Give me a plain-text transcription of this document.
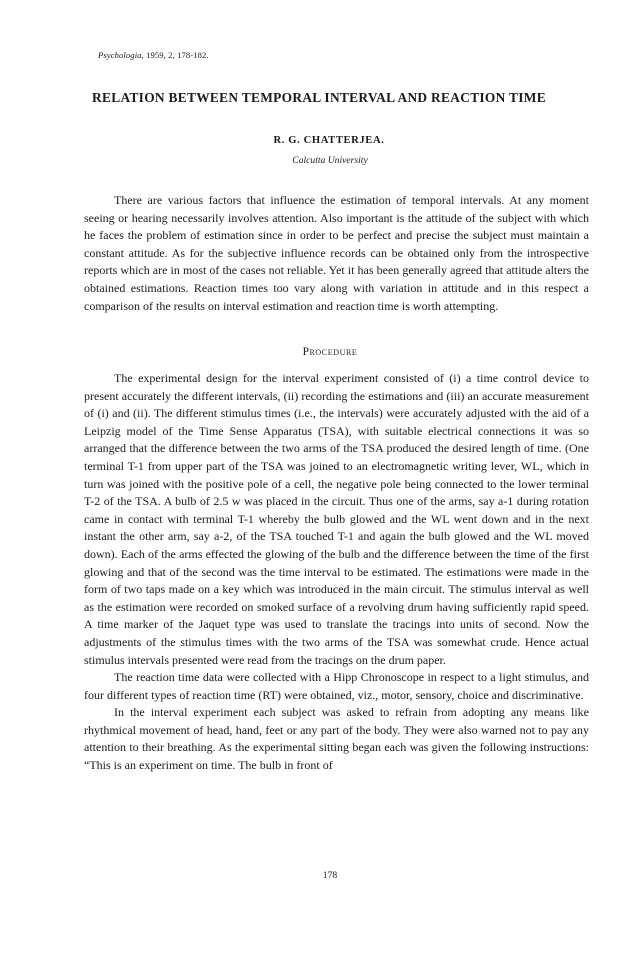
Psychologia, 1959, 2, 178-182.
RELATION BETWEEN TEMPORAL INTERVAL AND REACTION TIME
R. G. CHATTERJEA.
Calcutta University

There are various factors that influence the estimation of temporal intervals. At any moment seeing or hearing necessarily involves attention. Also important is the attitude of the subject with which he faces the problem of estimation since in order to be perfect and precise the subject must maintain a constant attitude. As for the subjective influence records can be obtained only from the introspective reports which are in most of the cases not reliable. Yet it has been generally agreed that attitude alters the obtained estimations. Reaction times too vary along with variation in attitude and in this respect a comparison of the results on interval estimation and reaction time is worth attempting.

Procedure

The experimental design for the interval experiment consisted of (i) a time control device to present accurately the different intervals, (ii) recording the estimations and (iii) an accurate measurement of (i) and (ii). The different stimulus times (i.e., the intervals) were accurately adjusted with the aid of a Leipzig model of the Time Sense Apparatus (TSA), with suitable electrical connections it was so arranged that the difference between the two arms of the TSA produced the desired length of time. (One terminal T-1 from upper part of the TSA was joined to an electromagnetic writing lever, WL, which in turn was joined with the positive pole of a cell, the negative pole being connected to the lower terminal T-2 of the TSA. A bulb of 2.5 w was placed in the circuit. Thus one of the arms, say a-1 during rotation came in contact with terminal T-1 whereby the bulb glowed and the WL went down and in the next instant the other arm, say a-2, of the TSA touched T-1 and again the bulb glowed and the WL moved down). Each of the arms effected the glowing of the bulb and the difference between the time of the first glowing and that of the second was the time interval to be estimated. The estimations were made in the form of two taps made on a key which was introduced in the main circuit. The stimulus interval as well as the estimation were recorded on smoked surface of a revolving drum having sufficiently rapid speed. A time marker of the Jaquet type was used to translate the tracings into units of second. Now the adjustments of the stimulus times with the two arms of the TSA was somewhat crude. Hence actual stimulus intervals presented were read from the tracings on the drum paper.

The reaction time data were collected with a Hipp Chronoscope in respect to a light stimulus, and four different types of reaction time (RT) were obtained, viz., motor, sensory, choice and discriminative.

In the interval experiment each subject was asked to refrain from adopting any means like rhythmical movement of head, hand, feet or any part of the body. They were also warned not to pay any attention to their breathing. As the experimental sitting began each was given the following instructions: “This is an experiment on time. The bulb in front of

178
